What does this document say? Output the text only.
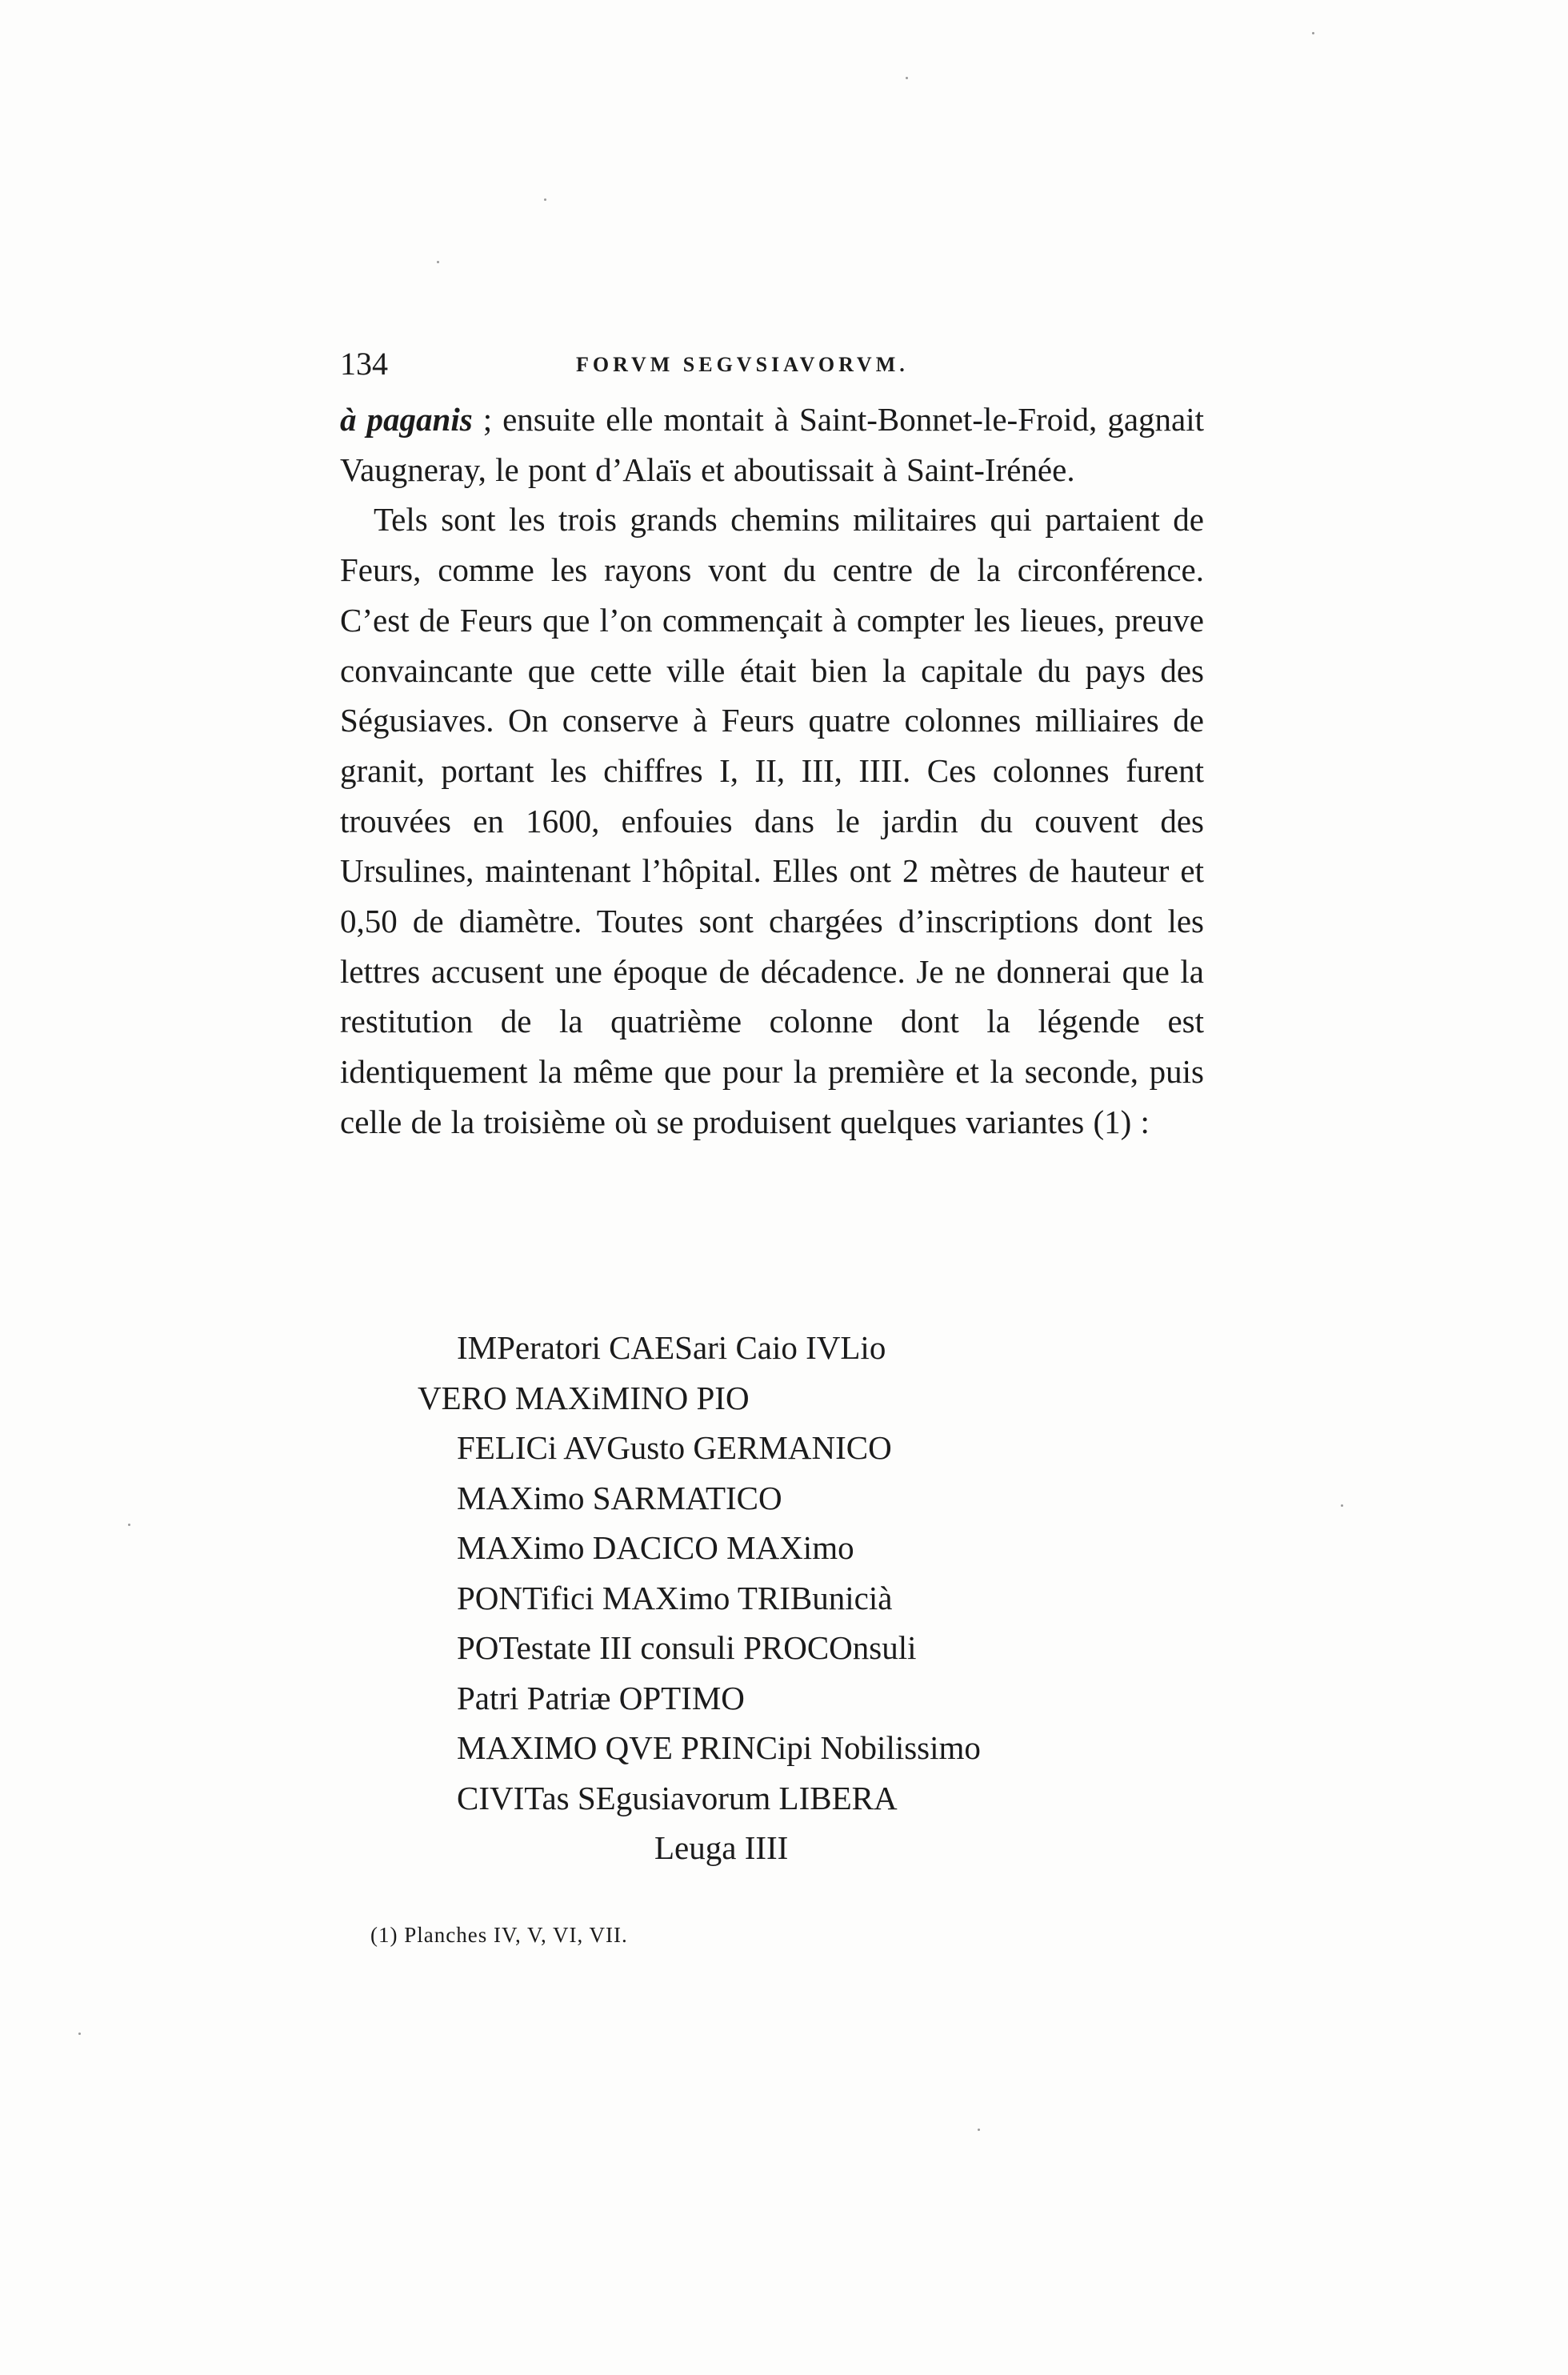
134	FORVM SEGVSIAVORVM.

à paganis ; ensuite elle montait à Saint-Bonnet-le-Froid, gagnait Vaugneray, le pont d’Alaïs et aboutissait à Saint-Irénée.

Tels sont les trois grands chemins militaires qui partaient de Feurs, comme les rayons vont du centre de la circonférence. C’est de Feurs que l’on commençait à compter les lieues, preuve convaincante que cette ville était bien la capitale du pays des Ségusiaves. On conserve à Feurs quatre colonnes milliaires de granit, portant les chiffres I, II, III, IIII. Ces colonnes furent trouvées en 1600, enfouies dans le jardin du couvent des Ursulines, maintenant l’hôpital. Elles ont 2 mètres de hauteur et 0,50 de diamètre. Toutes sont chargées d’inscriptions dont les lettres accusent une époque de décadence. Je ne donnerai que la restitution de la quatrième colonne dont la légende est identiquement la même que pour la première et la seconde, puis celle de la troisième où se produisent quelques variantes (1) :

IMPeratori CAESari Caio IVLio
VERO MAXiMINO PIO
FELICi AVGusto GERMANICO
MAXimo SARMATICO
MAXimo DACICO MAXimo
PONTifici MAXimo TRIBunicià
POTestate III consuli PROCOnsuli
Patri Patriæ OPTIMO
MAXIMO QVE PRINCipi Nobilissimo
CIVITas SEgusiavorum LIBERA
Leuga IIII
(1) Planches IV, V, VI, VII.
